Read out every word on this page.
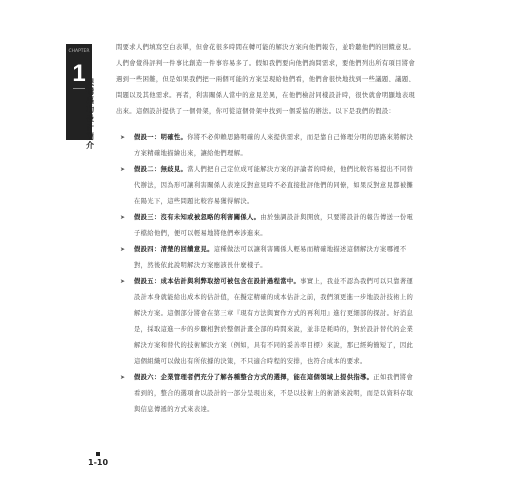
CHAPTER
1 架
構
驅
動
設
計
簡
介

間要求人們填寫空白表單，但會花很多時間在轉可能的解決方案向他們報告，並聆聽他們的回饋意見。人們會覺得評判一件事比創造一件事容易多了。假如我們要向他們詢問需求，要他們列出所有項目將會遇到一些困難，但是如果我們把一兩個可能的方案呈現給他們看，他們會很快地找到一些議題、議題、問題以及其他需求。再者，利害關係人當中的意見差異，在他們檢討同樣設計時，很快就會明顯地表現出來。這個設計提供了一個骨架，你可從這個骨架中找到一個妥協的辦法。以下是我們的假設：

➤ 假設一：明確性。你將不必仰賴思路明確的人來提供需求，而是靠自己條理分明的思路來將解決方案精確地描繪出來，讓給他們理解。

➤ 假設二：無歧見。當人們把自己定位成可能解決方案的評論者的時候，他們比較容易提出不同替代辦法，因為形可讓利害關係人表達反對意見時不必直接批評他們的同僚，如果反對意見都被攤在陽光下，這些問題比較容易獲得解決。

➤ 假設三：沒有未知或被忽略的利害關係人。由於強調設計與開放，只要將設計的報告傳送一份電子檔給他們，便可以輕易地將他們牽涉進來。

➤ 假設四：清楚的回饋意見。這種做法可以讓利害關係人輕易而精確地描述這個解決方案哪裡不對，然後依此說明解決方案應該長什麼樣子。

➤ 假設五：成本估計與利弊取捨可被包含在設計過程當中。事實上，我並不認為我們可以只靠著運設計本身就能給出成本的估計值，在擬定精確的成本估計之前，我們須更進一步地設計技術上的解決方案。這個部分將會在第三章『現有方法與實作方式的再利用』進行更細部的探討。好消息是，採取這進一步的步驟相對於整個計畫全部的時間來說，並非是耗時的，對於設計替代的企業解決方案和替代的技術解決方案（例如，具有不同的妥善率目標）來說，那已經夠簡短了，因此這個組織可以做出有所依據的決策，不只適合時程的安排，也符合成本的要求。

➤ 假設六：企業管理者們充分了解各種整合方式的選擇，能在這個領域上提供指導。正如我們將會看到的，整合的選項會以設計的一部分呈現出來，不是以技術上的術語來說明，而是以資料存取與信息傳遞的方式來表達。

1-10
